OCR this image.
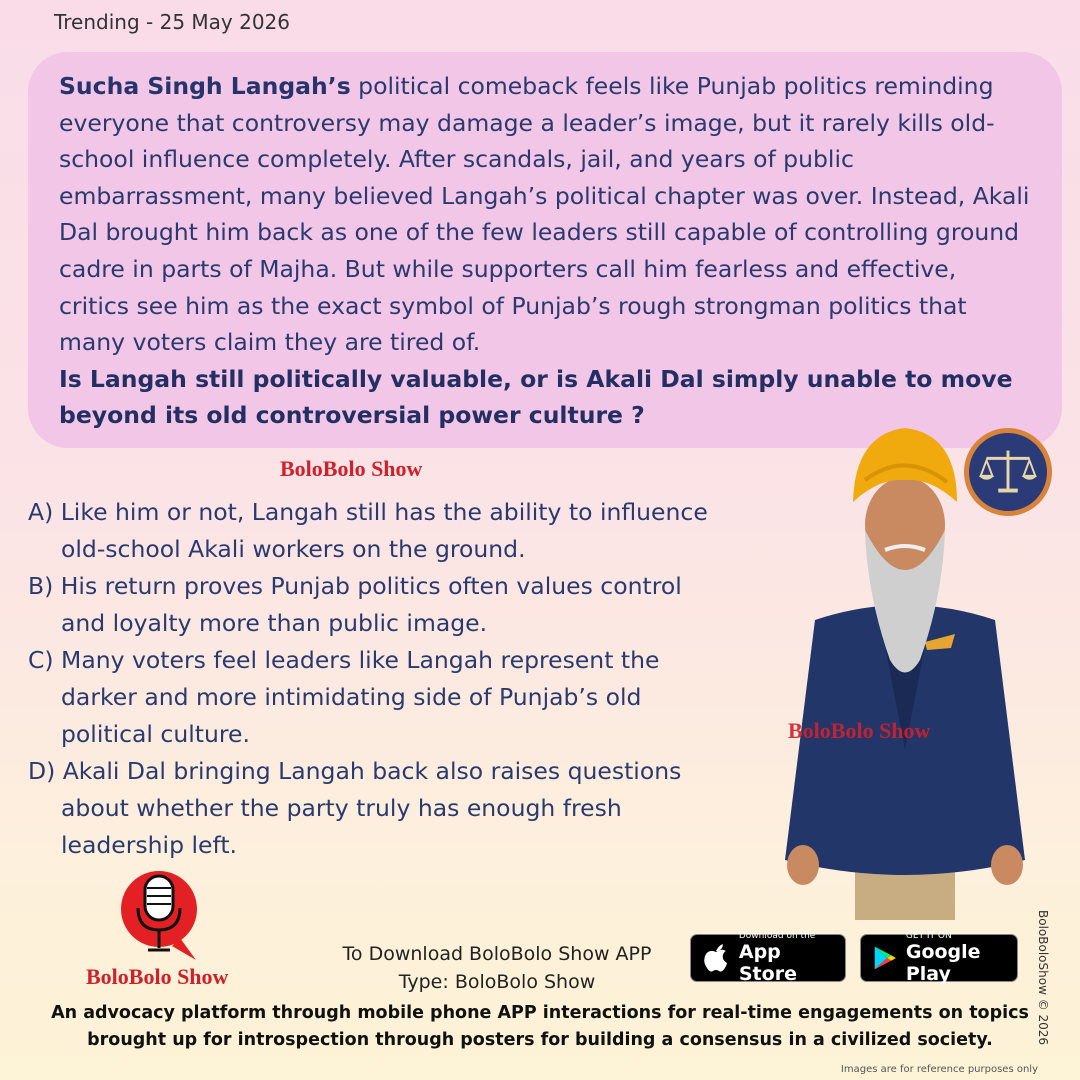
Trending - 25 May 2026

Sucha Singh Langah’s political comeback feels like Punjab politics reminding everyone that controversy may damage a leader’s image, but it rarely kills old-school influence completely. After scandals, jail, and years of public embarrassment, many believed Langah’s political chapter was over. Instead, Akali Dal brought him back as one of the few leaders still capable of controlling ground cadre in parts of Majha. But while supporters call him fearless and effective, critics see him as the exact symbol of Punjab’s rough strongman politics that many voters claim they are tired of.

Is Langah still politically valuable, or is Akali Dal simply unable to move beyond its old controversial power culture ?

BoloBolo Show
A) Like him or not, Langah still has the ability to influence
old-school Akali workers on the ground.
B) His return proves Punjab politics often values control
and loyalty more than public image.
C) Many voters feel leaders like Langah represent the
darker and more intimidating side of Punjab’s old political culture.
D) Akali Dal bringing Langah back also raises questions
about whether the party truly has enough fresh leadership left.
BoloBolo Show
BoloBolo Show
To Download BoloBolo Show APP
Type: BoloBolo Show
Download on the
App Store
GET IT ON
Google Play
An advocacy platform through mobile phone APP interactions for real-time engagements on topics
brought up for introspection through posters for building a consensus in a civilized society.	BoloBoloShow © 2026
Images are for reference purposes only
